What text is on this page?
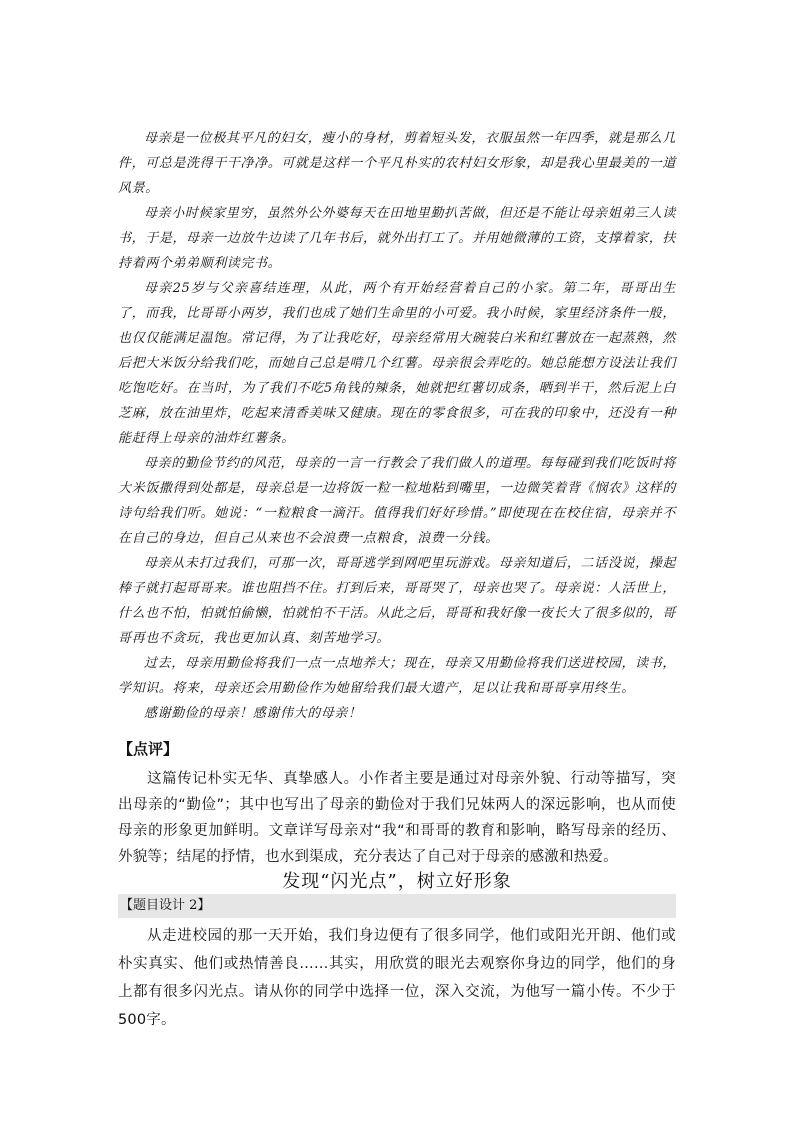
母亲是一位极其平凡的妇女，瘦小的身材，剪着短头发，衣服虽然一年四季，就是那么几件，可总是洗得干干净净。可就是这样一个平凡朴实的农村妇女形象，却是我心里最美的一道风景。

母亲小时候家里穷，虽然外公外婆每天在田地里勤扒苦做，但还是不能让母亲姐弟三人读书，于是，母亲一边放牛边读了几年书后，就外出打工了。并用她微薄的工资，支撑着家，扶持着两个弟弟顺利读完书。

母亲25岁与父亲喜结连理，从此，两个有开始经营着自己的小家。第二年，哥哥出生了，而我，比哥哥小两岁，我们也成了她们生命里的小可爱。我小时候，家里经济条件一般，也仅仅能满足温饱。常记得，为了让我吃好，母亲经常用大碗装白米和红薯放在一起蒸熟，然后把大米饭分给我们吃，而她自己总是啃几个红薯。母亲很会弄吃的。她总能想方设法让我们吃饱吃好。在当时，为了我们不吃5角钱的辣条，她就把红薯切成条，晒到半干，然后泥上白芝麻，放在油里炸，吃起来清香美味又健康。现在的零食很多，可在我的印象中，还没有一种能赶得上母亲的油炸红薯条。

母亲的勤俭节约的风范，母亲的一言一行教会了我们做人的道理。每每碰到我们吃饭时将大米饭撒得到处都是，母亲总是一边将饭一粒一粒地粘到嘴里，一边微笑着背《悯农》这样的诗句给我们听。她说：“一粒粮食一滴汗。值得我们好好珍惜。”即使现在在校住宿，母亲并不在自己的身边，但自己从来也不会浪费一点粮食，浪费一分钱。

母亲从未打过我们，可那一次，哥哥逃学到网吧里玩游戏。母亲知道后，二话没说，操起棒子就打起哥哥来。谁也阻挡不住。打到后来，哥哥哭了，母亲也哭了。母亲说：人活世上，什么也不怕，怕就怕偷懒，怕就怕不干活。从此之后，哥哥和我好像一夜长大了很多似的，哥哥再也不贪玩，我也更加认真、刻苦地学习。

过去，母亲用勤俭将我们一点一点地养大；现在，母亲又用勤俭将我们送进校园，读书，学知识。将来，母亲还会用勤俭作为她留给我们最大遗产，足以让我和哥哥享用终生。

感谢勤俭的母亲！感谢伟大的母亲！

【点评】

这篇传记朴实无华、真挚感人。小作者主要是通过对母亲外貌、行动等描写，突出母亲的“勤俭”；其中也写出了母亲的勤俭对于我们兄妹两人的深远影响，也从而使母亲的形象更加鲜明。文章详写母亲对“我“和哥哥的教育和影响，略写母亲的经历、外貌等；结尾的抒情，也水到渠成，充分表达了自己对于母亲的感激和热爱。

发现“闪光点”，树立好形象
【题目设计 2】

从走进校园的那一天开始，我们身边便有了很多同学，他们或阳光开朗、他们或朴实真实、他们或热情善良……其实，用欣赏的眼光去观察你身边的同学，他们的身上都有很多闪光点。请从你的同学中选择一位，深入交流，为他写一篇小传。不少于500字。
